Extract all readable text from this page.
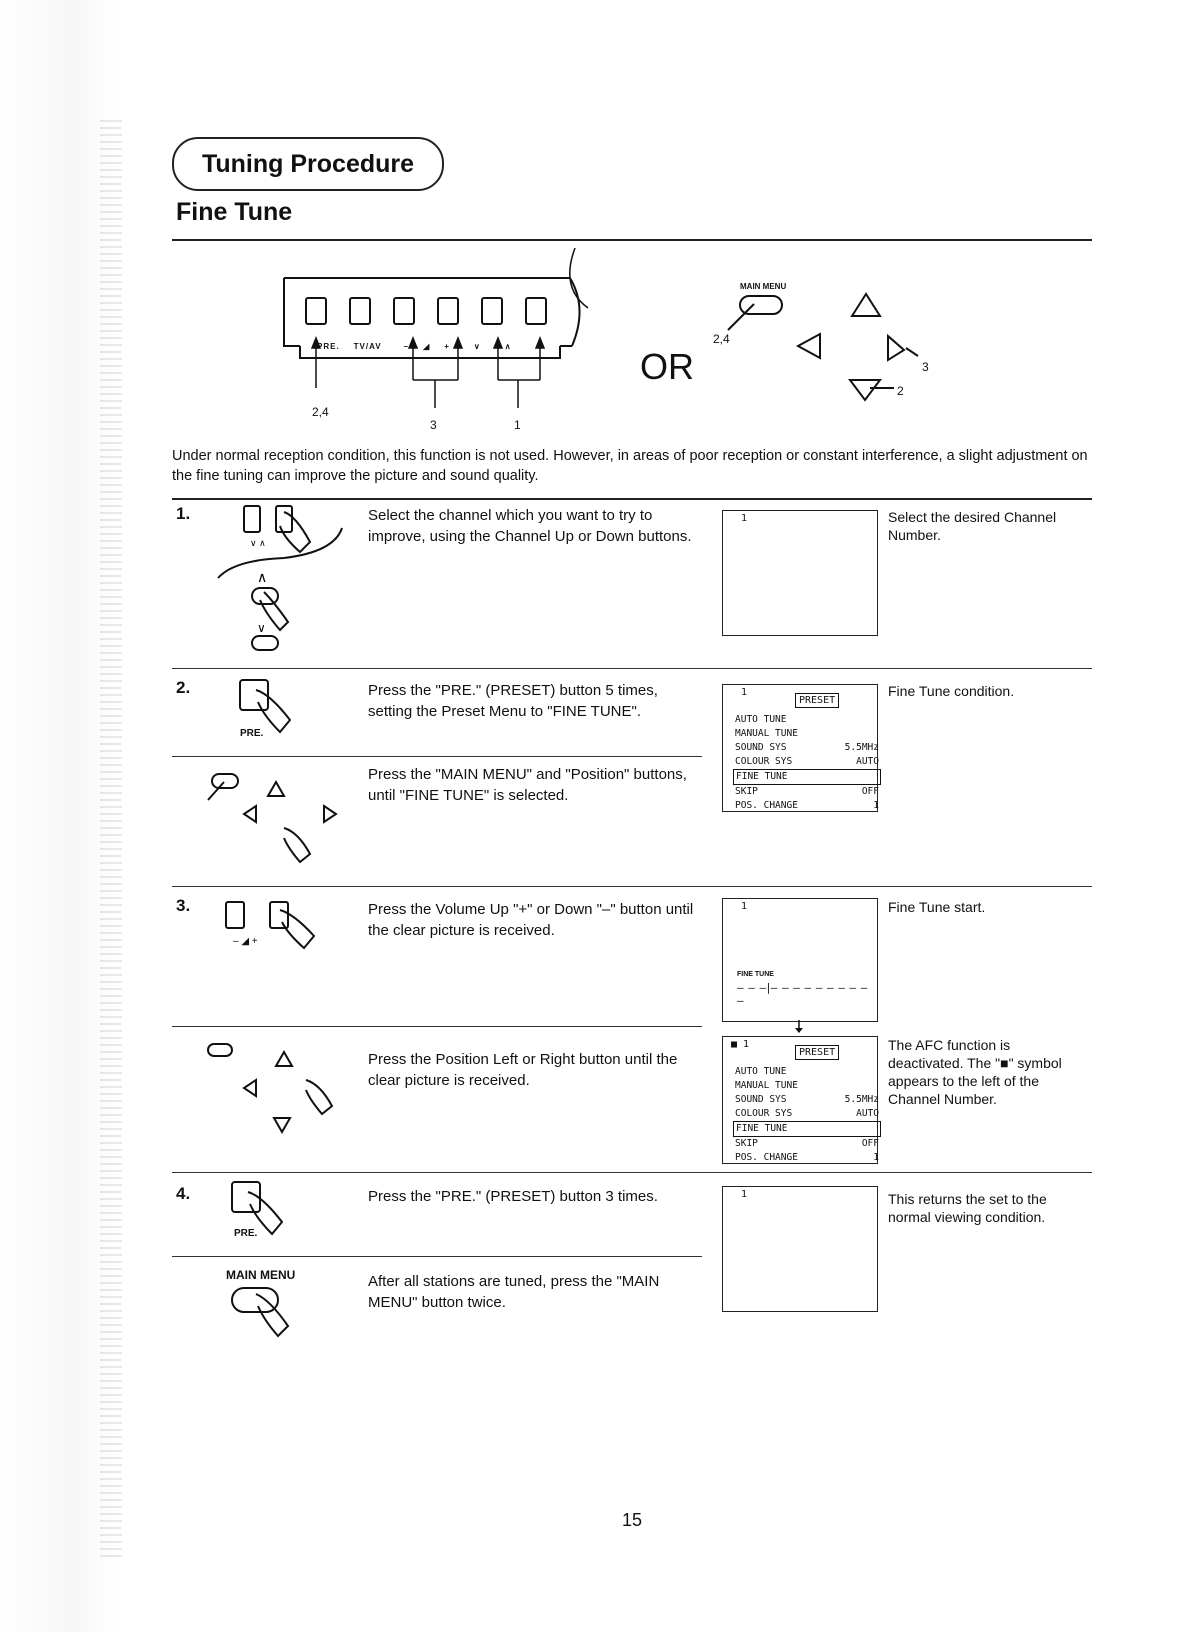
Tuning Procedure
Fine Tune
PRE. TV/AV	– ◢ +	∨	∧
2,4
3	1
OR
MAIN MENU
2,4
3
2
Under normal reception condition, this function is not used. However, in areas of poor reception or constant interference, a slight adjustment on the fine tuning can improve the picture and sound quality.
1.
∨ ∧
∧
∨
Select the channel which you want to try to improve, using the Channel Up or Down buttons.
1	Select the desired Channel Number.
2.
PRE.
Press the "PRE." (PRESET) button 5 times, setting the Preset Menu to "FINE TUNE".
Press the "MAIN MENU" and "Position" buttons, until "FINE TUNE" is selected.
1
PRESET
AUTO TUNE
MANUAL TUNE
SOUND SYS	5.5MHz
COLOUR SYS	AUTO
FINE TUNE
SKIP	OFF
POS. CHANGE	1
Fine Tune condition.
3.
– ◢ +
Press the Volume Up "+" or Down "–" button until the clear picture is received.
1
FINE TUNE
– – –|– – – – – – – – – –
Fine Tune start.
Press the Position Left or Right button until the clear picture is received.
■ 1
PRESET
AUTO TUNE
MANUAL TUNE
SOUND SYS	5.5MHz
COLOUR SYS	AUTO
FINE TUNE
SKIP	OFF
POS. CHANGE	1
The AFC function is deactivated. The "■" symbol appears to the left of the Channel Number.
4.
PRE.
Press the "PRE." (PRESET) button 3 times.	1	This returns the set to the normal viewing condition.
MAIN MENU	After all stations are tuned, press the "MAIN MENU" button twice.
15
